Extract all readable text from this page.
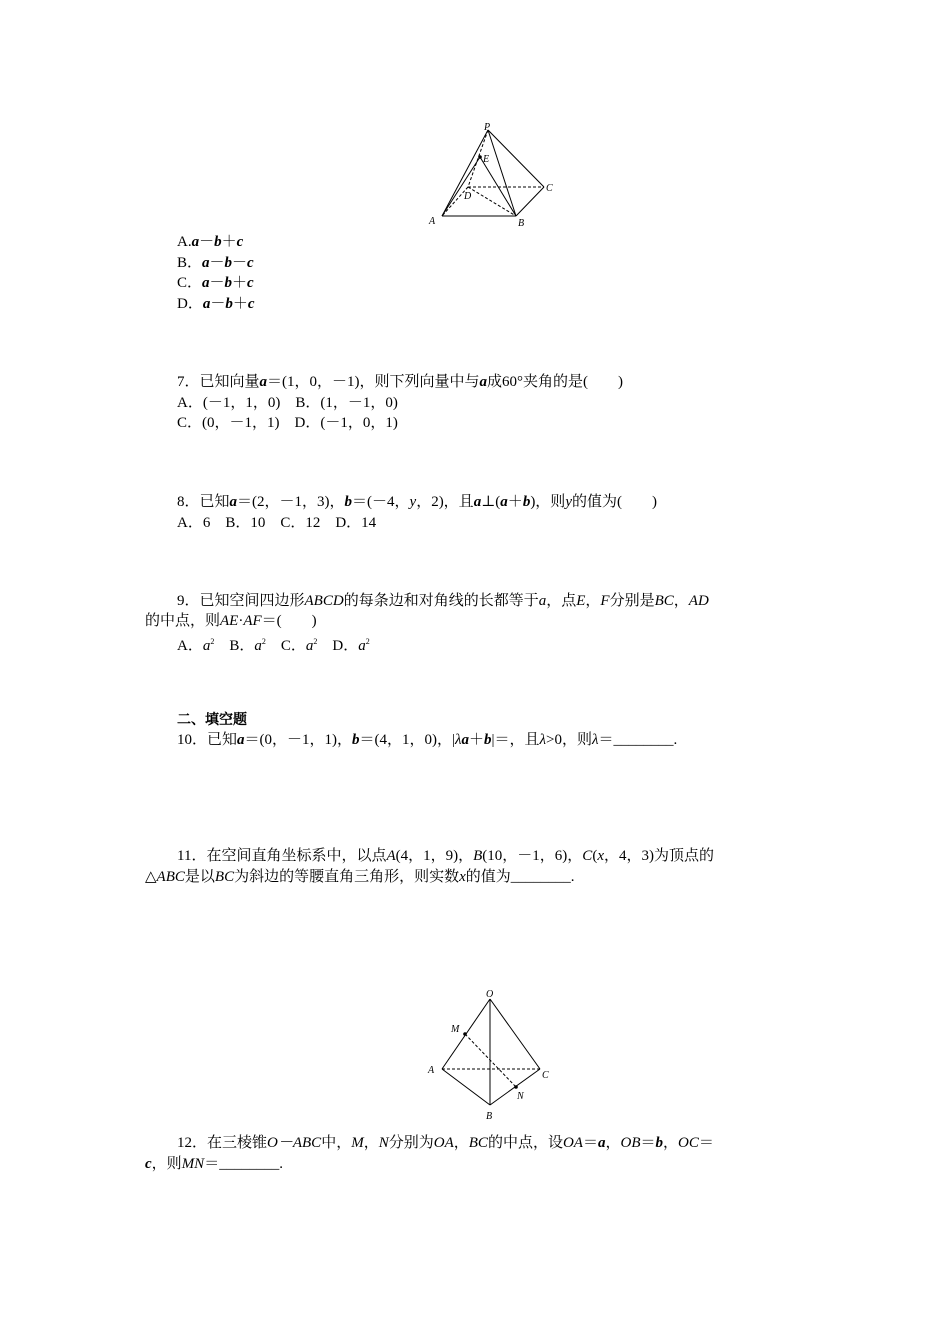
P
E
C
D
A	B
A.a－b＋c
B．a－b－c
C．a－b＋c
D．a－b＋c
7．已知向量a＝(1，0，－1)，则下列向量中与a成60°夹角的是(　　)
A．(－1，1，0)　B．(1，－1，0)
C．(0，－1，1)　D．(－1，0，1)
8．已知a＝(2，－1，3)，b＝(－4，y，2)，且a⊥(a＋b)，则y的值为(　　)
A．6　B．10　C．12　D．14
9．已知空间四边形ABCD的每条边和对角线的长都等于a，点E，F分别是BC，AD
的中点，则AE·AF＝(　　)
A．$a^2$　B．$a^2$　C．$a^2$　D．$a^2$
二、填空题
10．已知a＝(0，－1，1)，b＝(4，1，0)，|λa＋b|＝，且λ>0，则λ＝________.
11．在空间直角坐标系中，以点A(4，1，9)，B(10，－1，6)，C(x，4，3)为顶点的
△ABC是以BC为斜边的等腰直角三角形，则实数x的值为________.
O
M
A	C
N
B
12．在三棱锥O－ABC中，M，N分别为OA，BC的中点，设OA＝a，OB＝b，OC＝
c，则MN＝________.
